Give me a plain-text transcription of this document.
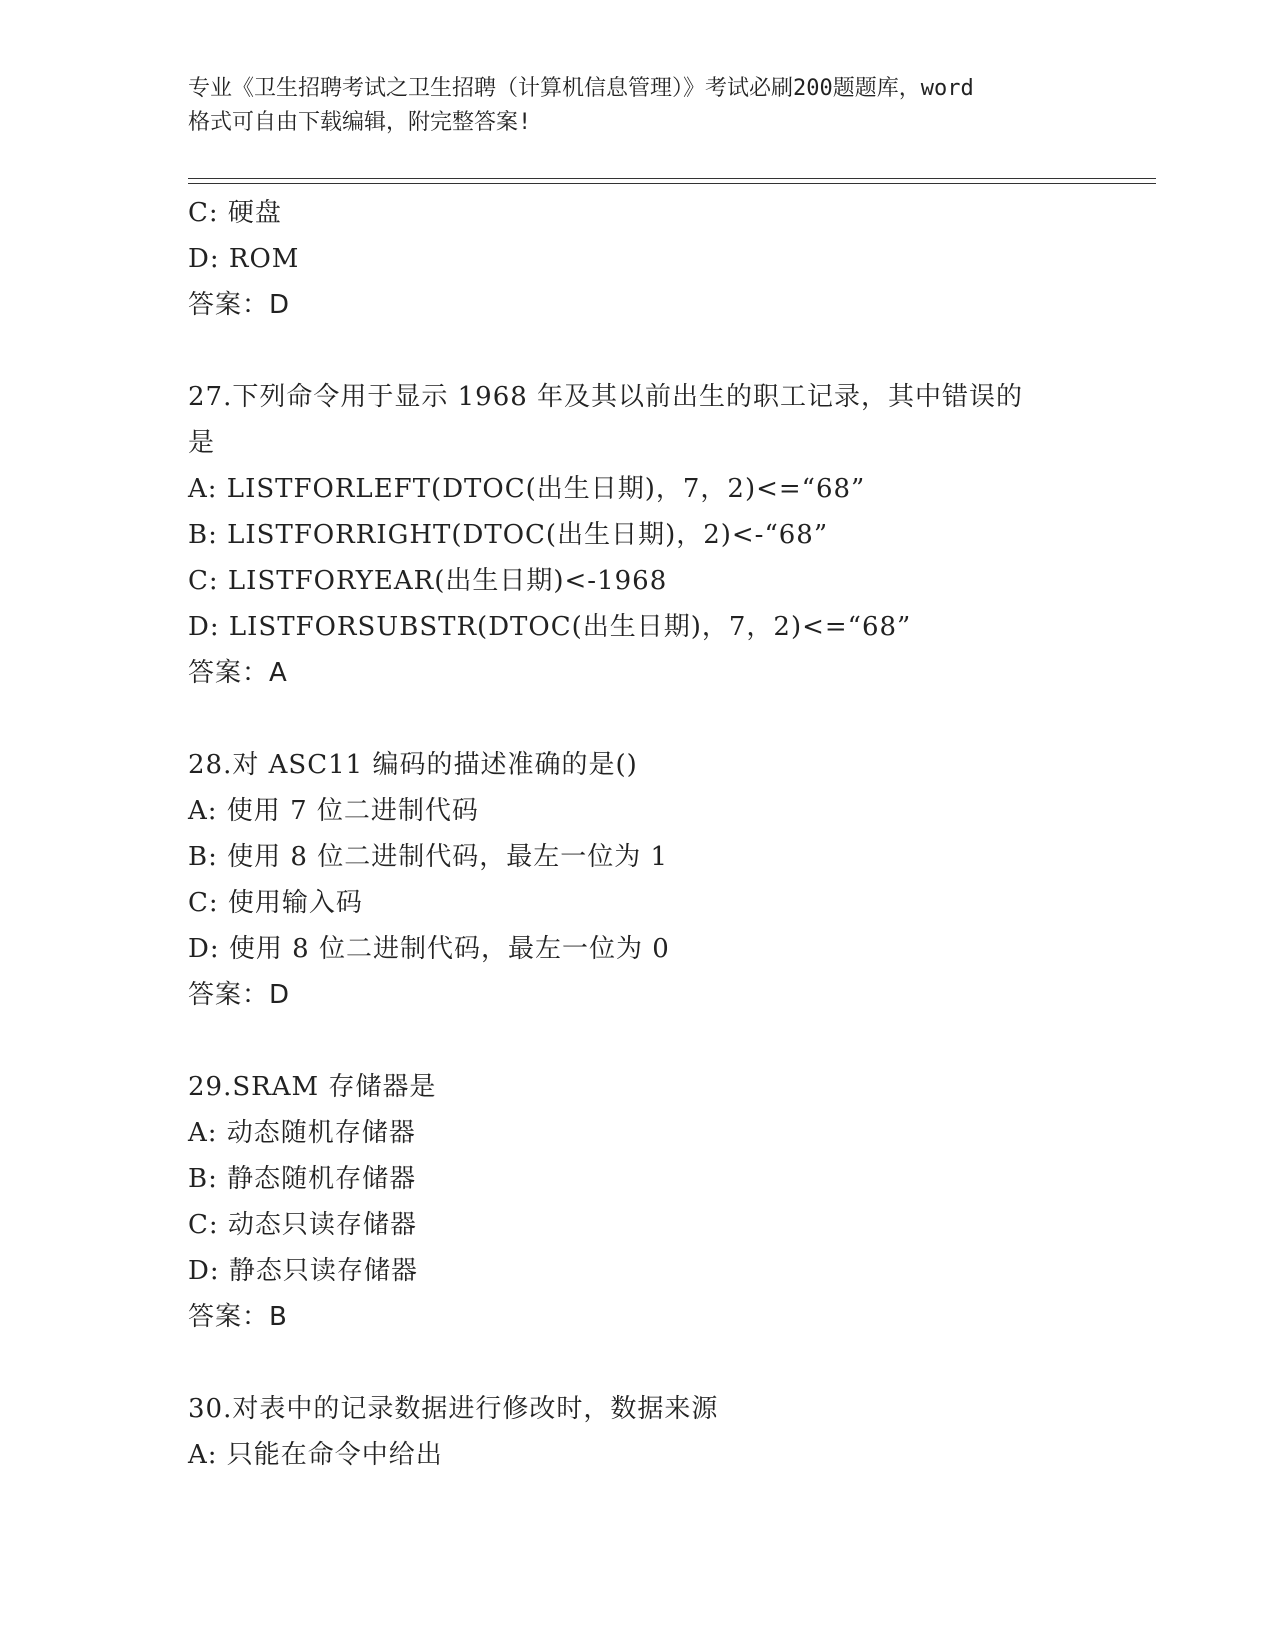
专业《卫生招聘考试之卫生招聘（计算机信息管理）》考试必刷200题题库，word
格式可自由下载编辑，附完整答案!
C: 硬盘
D: ROM
答案：D
27.下列命令用于显示 1968 年及其以前出生的职工记录，其中错误的
是
A: LISTFORLEFT(DTOC(出生日期)，7，2)<=“68”
B: LISTFORRIGHT(DTOC(出生日期)，2)<-“68”
C: LISTFORYEAR(出生日期)<-1968
D: LISTFORSUBSTR(DTOC(出生日期)，7，2)<=“68”
答案：A
28.对 ASC11 编码的描述准确的是()
A: 使用 7 位二进制代码
B: 使用 8 位二进制代码，最左一位为 1
C: 使用输入码
D: 使用 8 位二进制代码，最左一位为 0
答案：D
29.SRAM 存储器是
A: 动态随机存储器
B: 静态随机存储器
C: 动态只读存储器
D: 静态只读存储器
答案：B
30.对表中的记录数据进行修改时，数据来源
A: 只能在命令中给出
